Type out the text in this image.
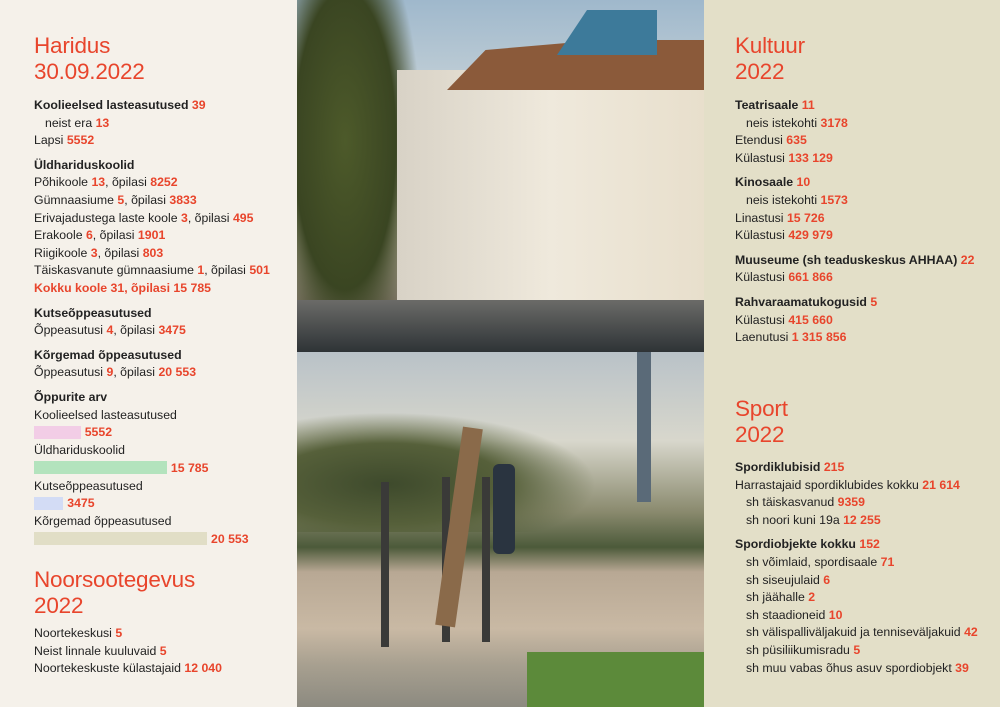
Haridus
30.09.2022
Koolieelsed lasteasutused 39
neist era 13
Lapsi 5552
Üldhariduskoolid
Põhikoole 13, õpilasi 8252
Gümnaasiume 5, õpilasi 3833
Erivajadustega laste koole 3, õpilasi 495
Erakoole 6, õpilasi 1901
Riigikoole 3, õpilasi 803
Täiskasvanute gümnaasiume 1, õpilasi 501
Kokku koole 31, õpilasi 15 785
Kutseõppeasutused
Õppeasutusi 4, õpilasi 3475
Kõrgemad õppeasutused
Õppeasutusi 9, õpilasi 20 553
Õppurite arv
Koolieelsed lasteasutused
5552
Üldhariduskoolid
15 785
Kutseõppeasutused
3475
Kõrgemad õppeasutused
20 553
Noorsootegevus
2022
Noortekeskusi 5
Neist linnale kuuluvaid 5
Noortekeskuste külastajaid 12 040
Kultuur
2022
Teatrisaale 11
neis istekohti 3178
Etendusi 635
Külastusi 133 129
Kinosaale 10
neis istekohti 1573
Linastusi 15 726
Külastusi 429 979
Muuseume (sh teaduskeskus AHHAA) 22
Külastusi 661 866
Rahvaraamatukogusid 5
Külastusi 415 660
Laenutusi 1 315 856
Sport
2022
Spordiklubisid 215
Harrastajaid spordiklubides kokku 21 614
sh täiskasvanud 9359
sh noori kuni 19a 12 255
Spordiobjekte kokku 152
sh võimlaid, spordisaale 71
sh siseujulaid 6
sh jäähalle 2
sh staadioneid 10
sh välispalliväljakuid ja tenniseväljakuid 42
sh püsiliikumisradu 5
sh muu vabas õhus asuv spordiobjekt 39
